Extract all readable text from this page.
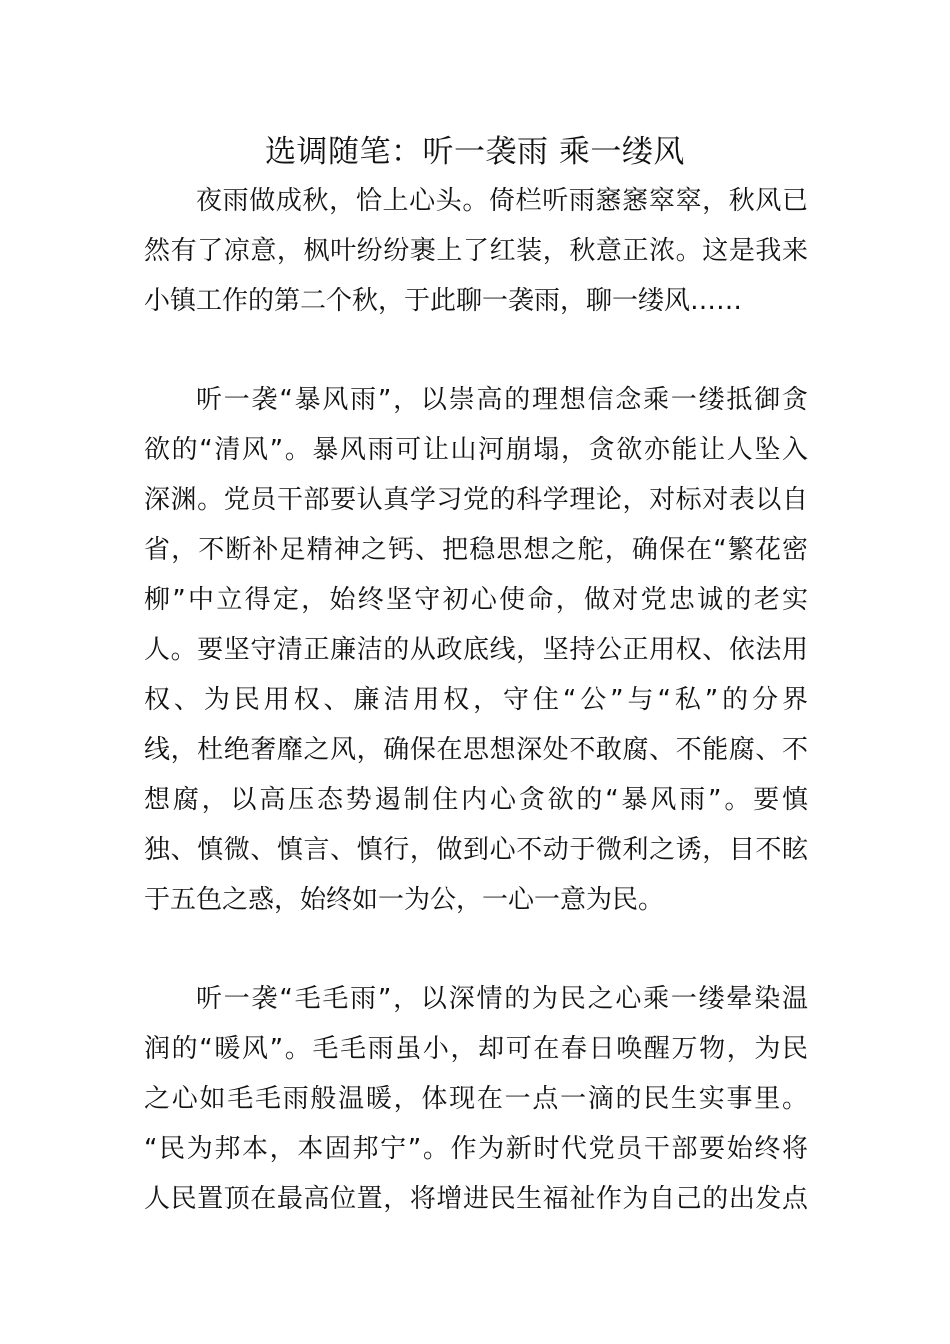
选调随笔：听一袭雨 乘一缕风
夜雨做成秋，恰上心头。倚栏听雨窸窸窣窣，秋风已
然有了凉意，枫叶纷纷裹上了红装，秋意正浓。这是我来
小镇工作的第二个秋，于此聊一袭雨，聊一缕风……
听一袭“暴风雨”，以崇高的理想信念乘一缕抵御贪
欲的“清风”。暴风雨可让山河崩塌，贪欲亦能让人坠入
深渊。党员干部要认真学习党的科学理论，对标对表以自
省，不断补足精神之钙、把稳思想之舵，确保在“繁花密
柳”中立得定，始终坚守初心使命，做对党忠诚的老实
人。要坚守清正廉洁的从政底线，坚持公正用权、依法用
权、为民用权、廉洁用权，守住“公”与“私”的分界
线，杜绝奢靡之风，确保在思想深处不敢腐、不能腐、不
想腐，以高压态势遏制住内心贪欲的“暴风雨”。要慎
独、慎微、慎言、慎行，做到心不动于微利之诱，目不眩
于五色之惑，始终如一为公，一心一意为民。
听一袭“毛毛雨”，以深情的为民之心乘一缕晕染温
润的“暖风”。毛毛雨虽小，却可在春日唤醒万物，为民
之心如毛毛雨般温暖，体现在一点一滴的民生实事里。
“民为邦本，本固邦宁”。作为新时代党员干部要始终将
人民置顶在最高位置，将增进民生福祉作为自己的出发点
